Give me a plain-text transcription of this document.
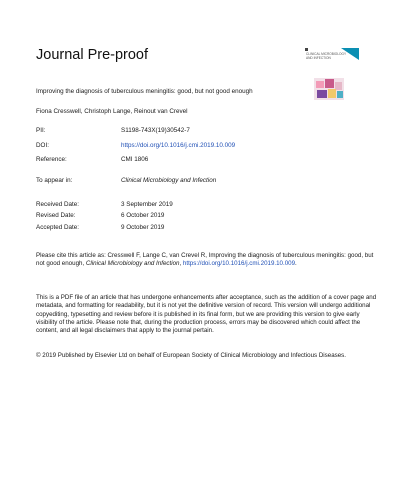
Journal Pre-proof	CLINICAL MICROBIOLOGY
AND INFECTION
Improving the diagnosis of tuberculous meningitis: good, but not good enough
Fiona Cresswell, Christoph Lange, Reinout van Crevel
PII:	S1198-743X(19)30542-7
DOI:	https://doi.org/10.1016/j.cmi.2019.10.009
Reference:	CMI 1806
To appear in:	Clinical Microbiology and Infection
Received Date:	3 September 2019
Revised Date:	6 October 2019
Accepted Date:	9 October 2019
Please cite this article as: Cresswell F, Lange C, van Crevel R, Improving the diagnosis of tuberculous meningitis: good, but not good enough, Clinical Microbiology and Infection, https://doi.org/10.1016/j.cmi.2019.10.009.
This is a PDF file of an article that has undergone enhancements after acceptance, such as the addition of a cover page and metadata, and formatting for readability, but it is not yet the definitive version of record. This version will undergo additional copyediting, typesetting and review before it is published in its final form, but we are providing this version to give early visibility of the article. Please note that, during the production process, errors may be discovered which could affect the content, and all legal disclaimers that apply to the journal pertain.
© 2019 Published by Elsevier Ltd on behalf of European Society of Clinical Microbiology and Infectious Diseases.
